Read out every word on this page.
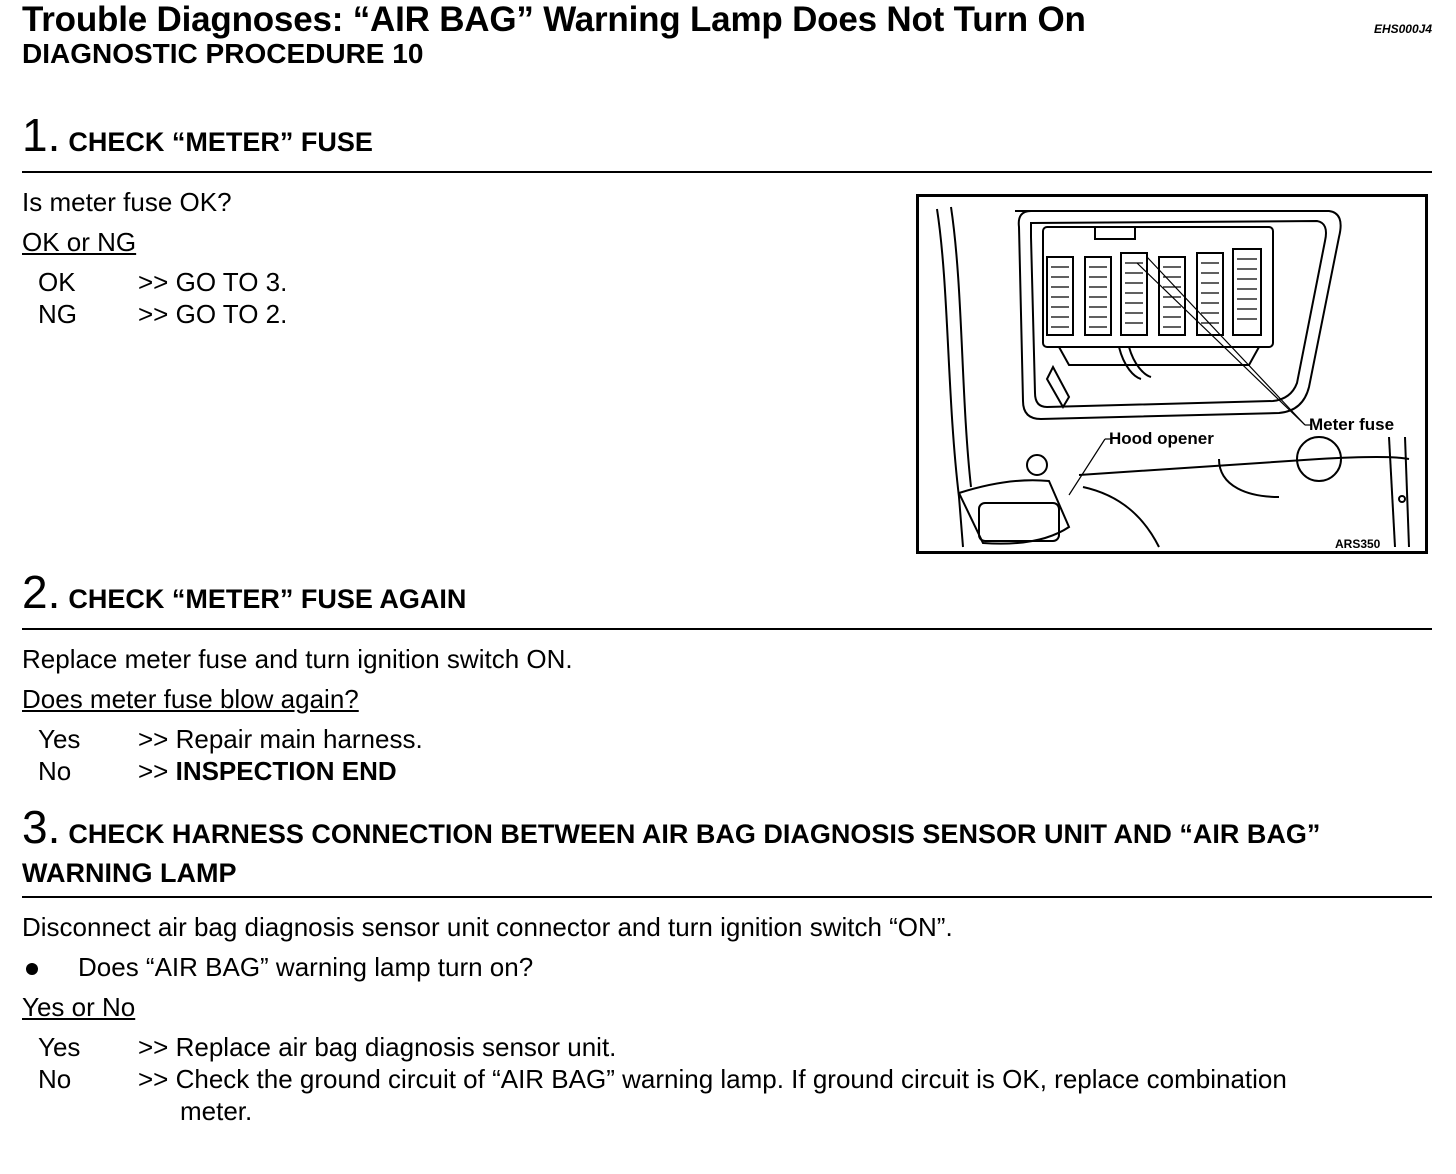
Trouble Diagnoses: “AIR BAG” Warning Lamp Does Not Turn On
DIAGNOSTIC PROCEDURE 10
EHS000J4
1. CHECK “METER” FUSE
Is meter fuse OK?
OK or NG
OK	>> GO TO 3.
NG	>> GO TO 2.
Meter fuse
Hood opener
ARS350
2. CHECK “METER” FUSE AGAIN
Replace meter fuse and turn ignition switch ON.
Does meter fuse blow again?
Yes	>> Repair main harness.
No	>> INSPECTION END
3. CHECK HARNESS CONNECTION BETWEEN AIR BAG DIAGNOSIS SENSOR UNIT AND “AIR BAG”
WARNING LAMP
Disconnect air bag diagnosis sensor unit connector and turn ignition switch “ON”.
Does “AIR BAG” warning lamp turn on?
Yes or No
Yes	>> Replace air bag diagnosis sensor unit.
No	>> Check the ground circuit of “AIR BAG” warning lamp. If ground circuit is OK, replace combination
meter.
